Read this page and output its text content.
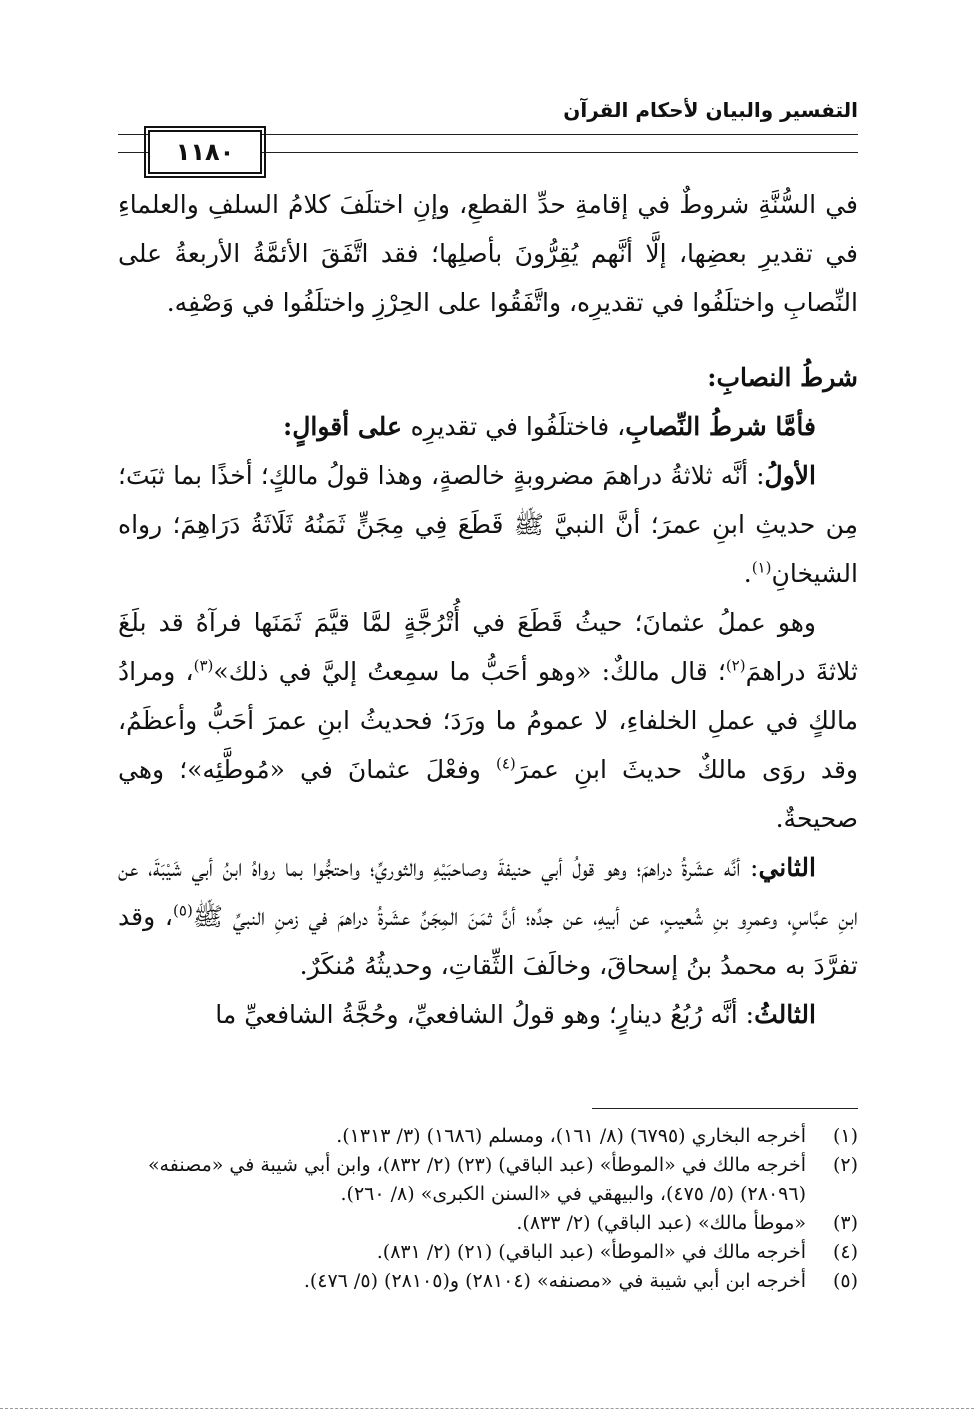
التفسير والبيان لأحكام القرآن
١١٨٠

في السُّنَّةِ شروطٌ في إقامةِ حدِّ القطعِ، وإنِ اختلَفَ كلامُ السلفِ والعلماءِ في تقديرِ بعضِها، إلَّا أنَّهم يُقِرُّونَ بأصلِها؛ فقد اتَّفَقَ الأئمَّةُ الأربعةُ على النِّصابِ واختلَفُوا في تقديرِه، واتَّفَقُوا على الحِرْزِ واختلَفُوا في وَصْفِه.

شرطُ النصابِ:

فأمَّا شرطُ النِّصابِ، فاختلَفُوا في تقديرِه على أقوالٍ:

الأولُ: أنَّه ثلاثةُ دراهمَ مضروبةٍ خالصةٍ، وهذا قولُ مالكٍ؛ أخذًا بما ثبَتَ؛ مِن حديثِ ابنِ عمرَ؛ أنَّ النبيَّ ﷺ قَطَعَ فِي مِجَنٍّ ثَمَنُهُ ثَلَاثَةُ دَرَاهِمَ؛ رواه الشيخانِ$^{(١)}$.

وهو عملُ عثمانَ؛ حيثُ قَطَعَ في أُتْرُجَّةٍ لمَّا قيَّمَ ثَمَنَها فرآهُ قد بلَغَ ثلاثةَ دراهمَ$^{(٢)}$؛ قال مالكٌ: «وهو أحَبُّ ما سمِعتُ إليَّ في ذلك»$^{(٣)}$، ومرادُ مالكٍ في عملِ الخلفاءِ، لا عمومُ ما ورَدَ؛ فحديثُ ابنِ عمرَ أحَبُّ وأعظَمُ، وقد روَى مالكٌ حديثَ ابنِ عمرَ$^{(٤)}$ وفعْلَ عثمانَ في «مُوطَّئِه»؛ وهي صحيحةٌ.

الثاني: أنَّه عشَرةُ دراهمَ؛ وهو قولُ أبي حنيفةَ وصاحبَيْهِ والثوريِّ؛ واحتجُّوا بما رواهُ ابنُ أبي شَيْبَةَ، عن ابنِ عبَّاسٍ، وعمرِو بنِ شُعيبٍ، عن أبيهِ، عن جدِّه؛ أنَّ ثمَنَ المِجَنِّ عشَرةُ دراهمَ في زمنِ النبيِّ ﷺ$^{(٥)}$، وقد تفرَّدَ به محمدُ بنُ إسحاقَ، وخالَفَ الثِّقاتِ، وحديثُهُ مُنكَرٌ.

الثالثُ: أنَّه رُبُعُ دينارٍ؛ وهو قولُ الشافعيِّ، وحُجَّةُ الشافعيِّ ما

(١)
أخرجه البخاري (٦٧٩٥) (٨/ ١٦١)، ومسلم (١٦٨٦) (٣/ ١٣١٣).
(٢)
أخرجه مالك في «الموطأ» (عبد الباقي) (٢٣) (٢/ ٨٣٢)، وابن أبي شيبة في «مصنفه» (٢٨٠٩٦) (٥/ ٤٧٥)، والبيهقي في «السنن الكبرى» (٨/ ٢٦٠).
(٣)
«موطأ مالك» (عبد الباقي) (٢/ ٨٣٣).
(٤)
أخرجه مالك في «الموطأ» (عبد الباقي) (٢١) (٢/ ٨٣١).
(٥)
أخرجه ابن أبي شيبة في «مصنفه» (٢٨١٠٤) و(٢٨١٠٥) (٥/ ٤٧٦).
